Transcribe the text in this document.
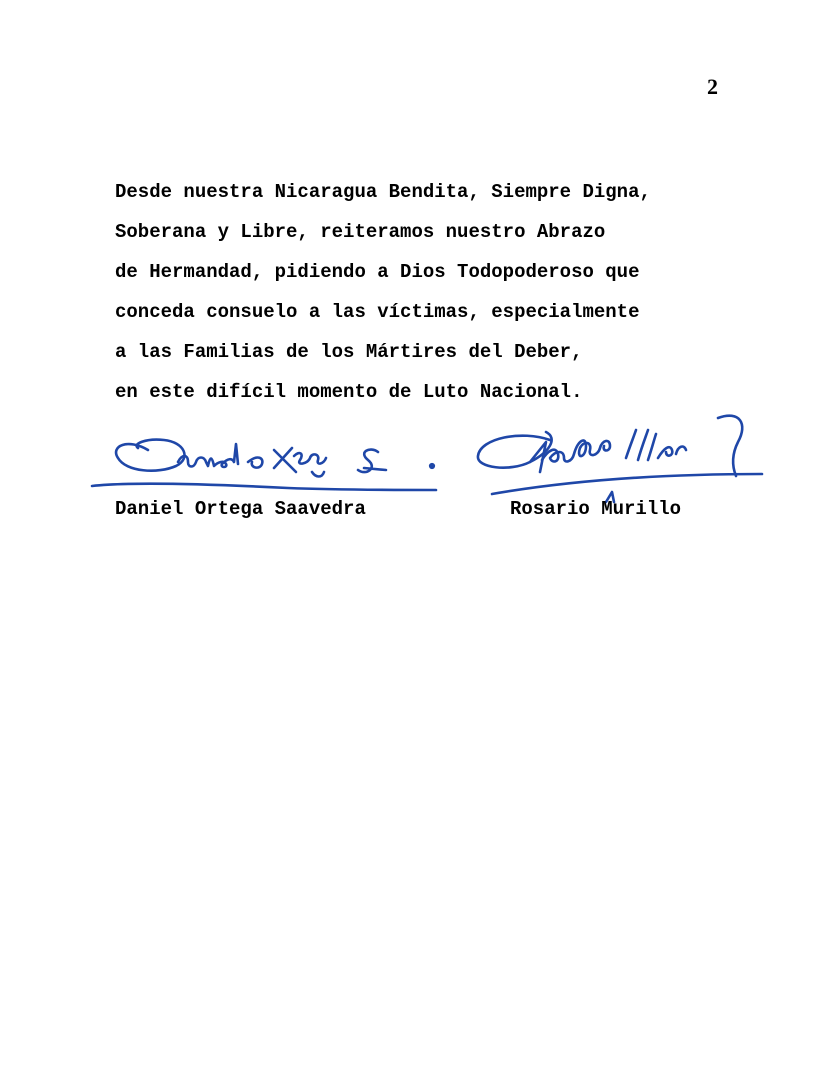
2
Desde nuestra Nicaragua Bendita, Siempre Digna,
Soberana y Libre, reiteramos nuestro Abrazo
de Hermandad, pidiendo a Dios Todopoderoso que
conceda consuelo a las víctimas, especialmente
a las Familias de los Mártires del Deber,
en este difícil momento de Luto Nacional.
Daniel Ortega Saavedra	Rosario Murillo
